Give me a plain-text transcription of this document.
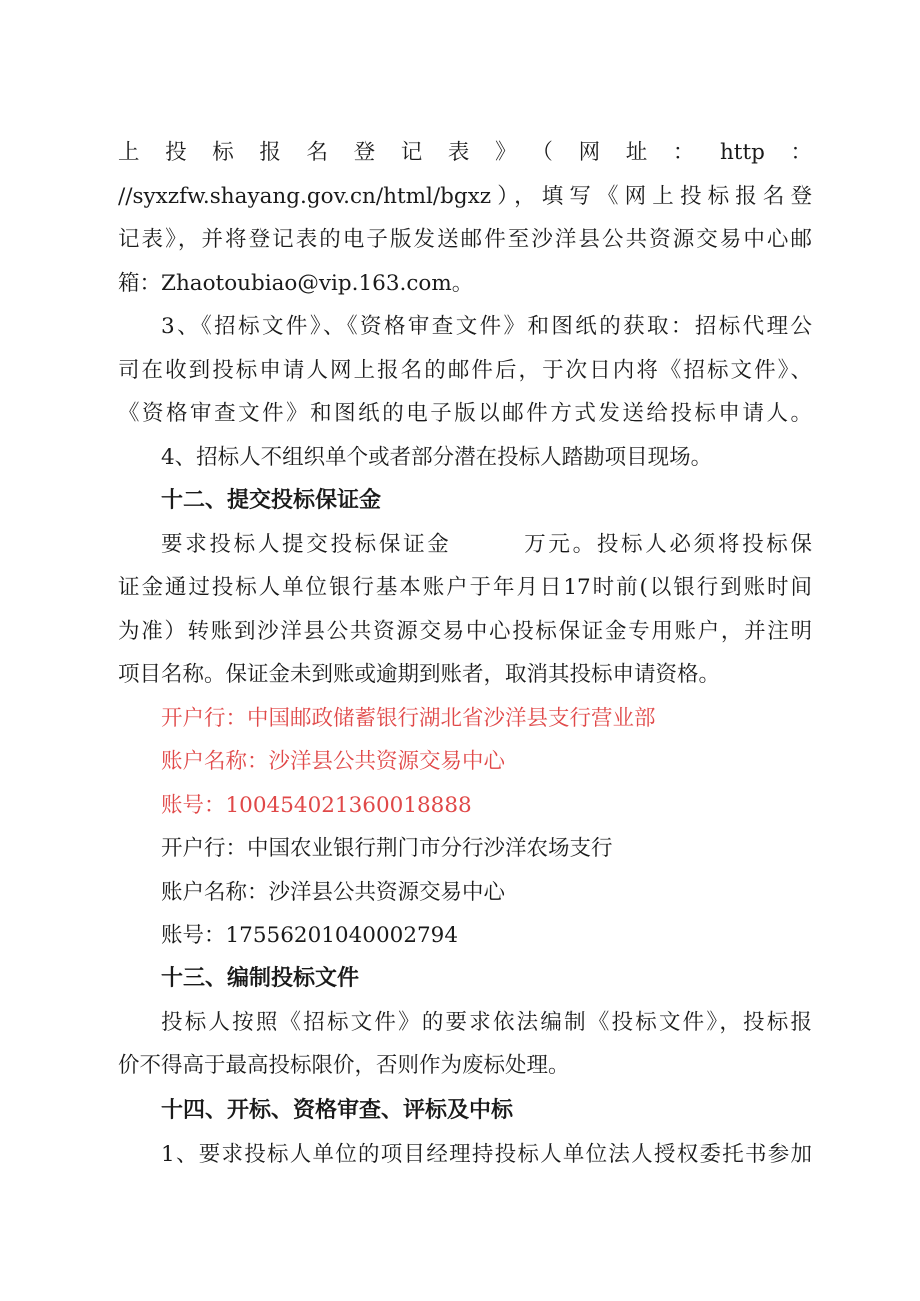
上投标报名登记表》（网址：http：

//syxzfw.shayang.gov.cn/html/bgxz），填写《网上投标报名登

记表》，并将登记表的电子版发送邮件至沙洋县公共资源交易中心邮

箱：Zhaotoubiao@vip.163.com。

3、《招标文件》、《资格审查文件》和图纸的获取：招标代理公

司在收到投标申请人网上报名的邮件后，于次日内将《招标文件》、

《资格审查文件》和图纸的电子版以邮件方式发送给投标申请人。

4、招标人不组织单个或者部分潜在投标人踏勘项目现场。

十二、提交投标保证金

要求投标人提交投标保证金	万元。投标人必须将投标保

证金通过投标人单位银行基本账户于年月日17时前(以银行到账时间

为准）转账到沙洋县公共资源交易中心投标保证金专用账户，并注明

项目名称。保证金未到账或逾期到账者，取消其投标申请资格。

开户行：中国邮政储蓄银行湖北省沙洋县支行营业部

账户名称：沙洋县公共资源交易中心

账号：100454021360018888

开户行：中国农业银行荆门市分行沙洋农场支行

账户名称：沙洋县公共资源交易中心

账号：17556201040002794

十三、编制投标文件

投标人按照《招标文件》的要求依法编制《投标文件》，投标报

价不得高于最高投标限价，否则作为废标处理。

十四、开标、资格审查、评标及中标

1、要求投标人单位的项目经理持投标人单位法人授权委托书参加
